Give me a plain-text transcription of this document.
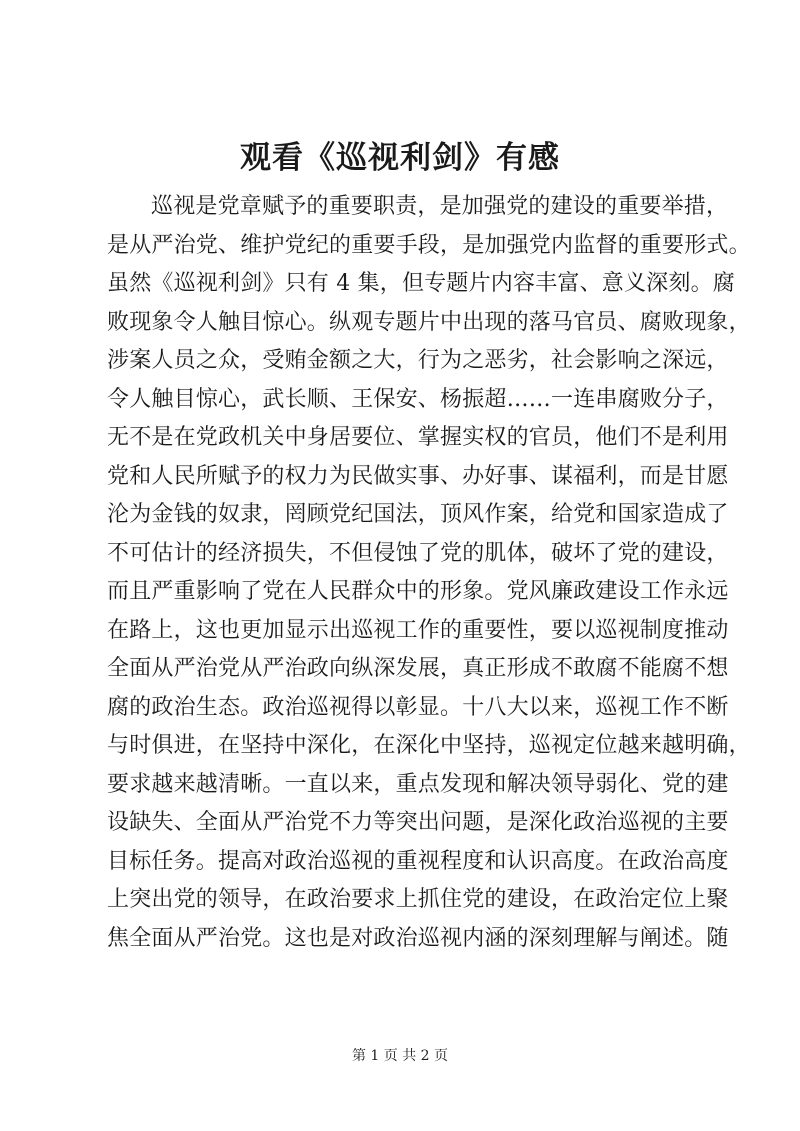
观看《巡视利剑》有感
巡视是党章赋予的重要职责，是加强党的建设的重要举措，
是从严治党、维护党纪的重要手段，是加强党内监督的重要形式。
虽然《巡视利剑》只有 4 集，但专题片内容丰富、意义深刻。腐
败现象令人触目惊心。纵观专题片中出现的落马官员、腐败现象，
涉案人员之众，受贿金额之大，行为之恶劣，社会影响之深远，
令人触目惊心，武长顺、王保安、杨振超……一连串腐败分子，
无不是在党政机关中身居要位、掌握实权的官员，他们不是利用
党和人民所赋予的权力为民做实事、办好事、谋福利，而是甘愿
沦为金钱的奴隶，罔顾党纪国法，顶风作案，给党和国家造成了
不可估计的经济损失，不但侵蚀了党的肌体，破坏了党的建设，
而且严重影响了党在人民群众中的形象。党风廉政建设工作永远
在路上，这也更加显示出巡视工作的重要性，要以巡视制度推动
全面从严治党从严治政向纵深发展，真正形成不敢腐不能腐不想
腐的政治生态。政治巡视得以彰显。十八大以来，巡视工作不断
与时俱进，在坚持中深化，在深化中坚持，巡视定位越来越明确，
要求越来越清晰。一直以来，重点发现和解决领导弱化、党的建
设缺失、全面从严治党不力等突出问题，是深化政治巡视的主要
目标任务。提高对政治巡视的重视程度和认识高度。在政治高度
上突出党的领导，在政治要求上抓住党的建设，在政治定位上聚
焦全面从严治党。这也是对政治巡视内涵的深刻理解与阐述。随
第 1 页 共 2 页
